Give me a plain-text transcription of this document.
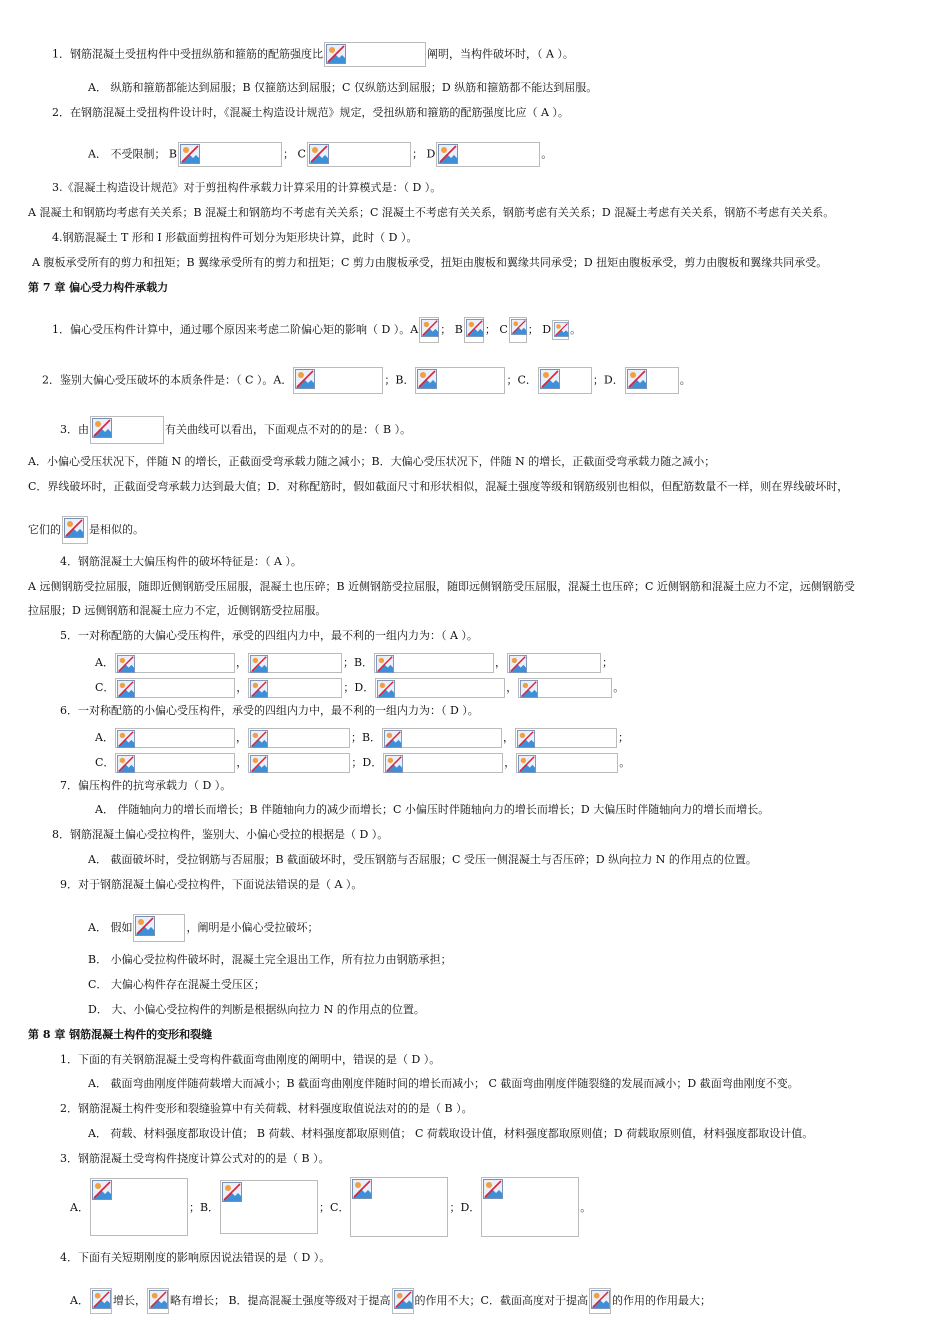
1．钢筋混凝土受扭构件中受扭纵筋和箍筋的配筋强度比	阐明，当构件破坏时，（ A ）。
A． 纵筋和箍筋都能达到屈服；B 仅箍筋达到屈服；C 仅纵筋达到屈服；D 纵筋和箍筋都不能达到屈服。
2．在钢筋混凝土受扭构件设计时，《混凝土构造设计规范》规定，受扭纵筋和箍筋的配筋强度比应（ A ）。
A． 不受限制； B	； C	； D	。
3.《混凝土构造设计规范》对于剪扭构件承载力计算采用的计算模式是：（ D ）。
A 混凝土和钢筋均考虑有关关系；B 混凝土和钢筋均不考虑有关关系；C 混凝土不考虑有关关系，钢筋考虑有关关系；D 混凝土考虑有关关系，钢筋不考虑有关关系。
4.钢筋混凝土 T 形和 I 形截面剪扭构件可划分为矩形块计算，此时（ D ）。
A 腹板承受所有的剪力和扭矩；B 翼缘承受所有的剪力和扭矩；C 剪力由腹板承受，扭矩由腹板和翼缘共同承受；D 扭矩由腹板承受，剪力由腹板和翼缘共同承受。
第 7 章 偏心受力构件承载力
1．偏心受压构件计算中，通过哪个原因来考虑二阶偏心矩的影响（ D ）。A ； B ； C ； D 。
2．鉴别大偏心受压破坏的本质条件是：（ C ）。A．	；B．	；C．	；D．	。
3．由	有关曲线可以看出，下面观点不对的的是：（ B ）。
A．小偏心受压状况下，伴随 N 的增长，正截面受弯承载力随之减小；B．大偏心受压状况下，伴随 N 的增长，正截面受弯承载力随之减小；
C．界线破坏时，正截面受弯承载力达到最大值；D．对称配筋时，假如截面尺寸和形状相似，混凝土强度等级和钢筋级别也相似，但配筋数量不一样，则在界线破坏时，
它们的	是相似的。
4．钢筋混凝土大偏压构件的破坏特征是：（ A ）。
A 远侧钢筋受拉屈服，随即近侧钢筋受压屈服，混凝土也压碎；B 近侧钢筋受拉屈服，随即远侧钢筋受压屈服，混凝土也压碎；C 近侧钢筋和混凝土应力不定，远侧钢筋受
拉屈服；D 远侧钢筋和混凝土应力不定，近侧钢筋受拉屈服。
5．一对称配筋的大偏心受压构件，承受的四组内力中，最不利的一组内力为：（ A ）。
A．	，	；B．	，	；
C．	，	；D．	，	。
6．一对称配筋的小偏心受压构件，承受的四组内力中，最不利的一组内力为：（ D ）。
A．	，	；B．	，	；
C．	，	；D．	，	。
7．偏压构件的抗弯承载力（ D ）。
A． 伴随轴向力的增长而增长；B 伴随轴向力的减少而增长；C 小偏压时伴随轴向力的增长而增长；D 大偏压时伴随轴向力的增长而增长。
8．钢筋混凝土偏心受拉构件，鉴别大、小偏心受拉的根据是（ D ）。
A． 截面破坏时，受拉钢筋与否屈服；B 截面破坏时，受压钢筋与否屈服；C 受压一侧混凝土与否压碎；D 纵向拉力 N 的作用点的位置。
9．对于钢筋混凝土偏心受拉构件，下面说法错误的是（ A ）。
A． 假如	，阐明是小偏心受拉破坏；
B． 小偏心受拉构件破坏时，混凝土完全退出工作，所有拉力由钢筋承担；
C． 大偏心构件存在混凝土受压区；
D． 大、小偏心受拉构件的判断是根据纵向拉力 N 的作用点的位置。
第 8 章 钢筋混凝土构件的变形和裂缝
1．下面的有关钢筋混凝土受弯构件截面弯曲刚度的阐明中，错误的是（ D ）。
A． 截面弯曲刚度伴随荷载增大而减小；B 截面弯曲刚度伴随时间的增长而减小； C 截面弯曲刚度伴随裂缝的发展而减小；D 截面弯曲刚度不变。
2．钢筋混凝土构件变形和裂缝验算中有关荷载、材料强度取值说法对的的是（ B ）。
A． 荷载、材料强度都取设计值； B 荷载、材料强度都取原则值； C 荷载取设计值，材料强度都取原则值；D 荷载取原则值，材料强度都取设计值。
3．钢筋混凝土受弯构件挠度计算公式对的的是（ B ）。
A．	；B．	；C．	；D．	。
4．下面有关短期刚度的影响原因说法错误的是（ D ）。
A． 增长， 略有增长； B．提高混凝土强度等级对于提高 的作用不大；C．截面高度对于提高 的作用的作用最大；
